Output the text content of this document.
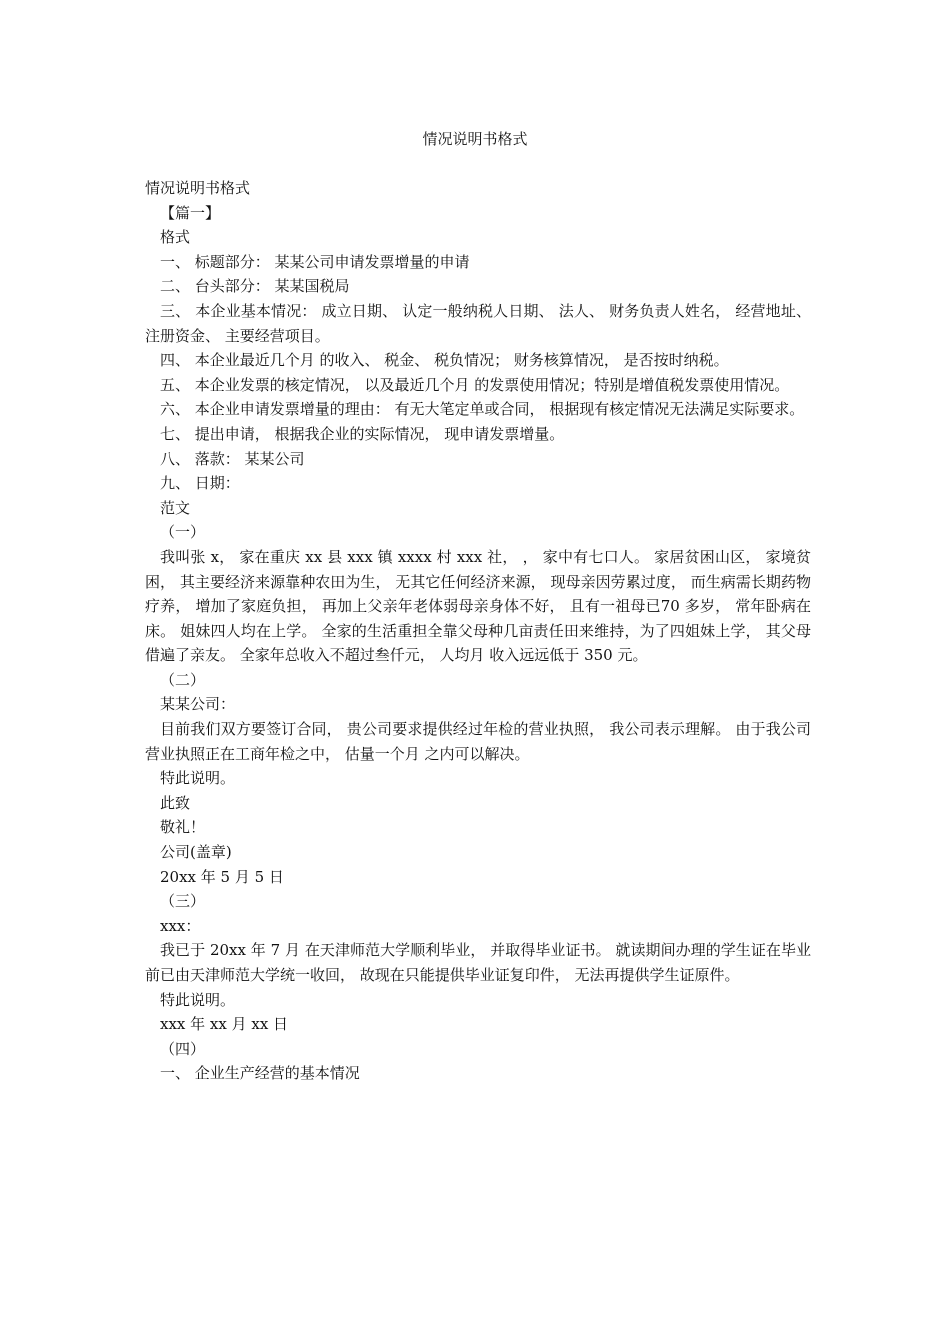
情况说明书格式

情况说明书格式

【篇一】

格式

一、 标题部分： 某某公司申请发票增量的申请

二、 台头部分： 某某国税局

三、 本企业基本情况： 成立日期、 认定一般纳税人日期、 法人、 财务负责人姓名， 经营地址、 注册资金、 主要经营项目。

四、 本企业最近几个月 的收入、 税金、 税负情况； 财务核算情况， 是否按时纳税。

五、 本企业发票的核定情况， 以及最近几个月 的发票使用情况；特别是增值税发票使用情况。

六、 本企业申请发票增量的理由： 有无大笔定单或合同， 根据现有核定情况无法满足实际要求。

七、 提出申请， 根据我企业的实际情况， 现申请发票增量。

八、 落款： 某某公司

九、 日期：

范文

（一）

我叫张 x， 家在重庆 xx 县 xxx 镇 xxxx 村 xxx 社， ， 家中有七口人。 家居贫困山区， 家境贫困， 其主要经济来源靠种农田为生， 无其它任何经济来源， 现母亲因劳累过度， 而生病需长期药物疗养， 增加了家庭负担， 再加上父亲年老体弱母亲身体不好， 且有一祖母已70 多岁， 常年卧病在床。 姐妹四人均在上学。 全家的生活重担全靠父母种几亩责任田来维持，为了四姐妹上学， 其父母借遍了亲友。 全家年总收入不超过叁仟元， 人均月 收入远远低于 350 元。

（二）

某某公司：

目前我们双方要签订合同， 贵公司要求提供经过年检的营业执照， 我公司表示理解。 由于我公司营业执照正在工商年检之中， 估量一个月 之内可以解决。

特此说明。

此致

敬礼！

公司(盖章)

20xx 年 5 月 5 日

（三）

xxx：

我已于 20xx 年 7 月 在天津师范大学顺利毕业， 并取得毕业证书。 就读期间办理的学生证在毕业前已由天津师范大学统一收回， 故现在只能提供毕业证复印件， 无法再提供学生证原件。

特此说明。

xxx 年 xx 月 xx 日

（四）

一、 企业生产经营的基本情况
